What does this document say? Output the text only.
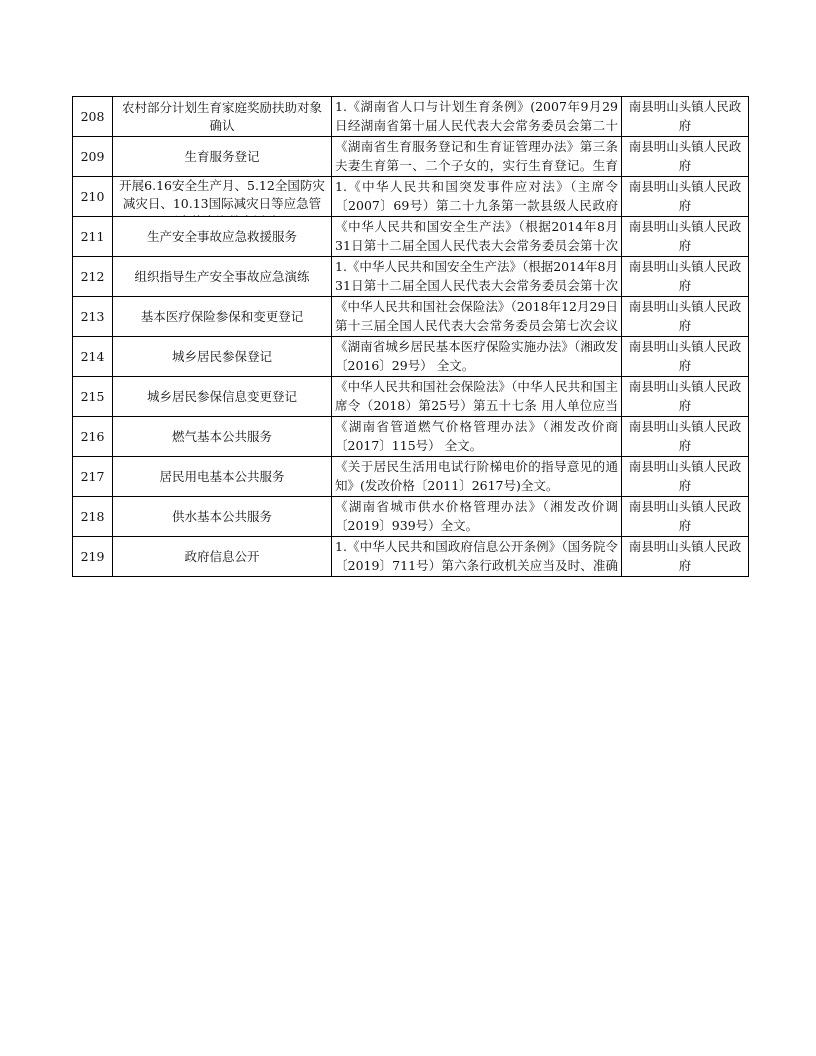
208	农村部分计划生育家庭奖励扶助对象确认	1.《湖南省人口与计划生育条例》(2007年9月29日经湖南省第十届人民代表大会常务委员会第二十	南县明山头镇人民政府

209	生育服务登记	《湖南省生育服务登记和生育证管理办法》第三条 夫妻生育第一、二个子女的，实行生育登记。生育	南县明山头镇人民政府

210	开展6.16安全生产月、5.12全国防灾减灾日、10.13国际减灾日等应急管	1.《中华人民共和国突发事件应对法》（主席令〔2007〕69号）第二十九条第一款县级人民政府	南县明山头镇人民政府

211	生产安全事故应急救援服务	《中华人民共和国安全生产法》（根据2014年8月31日第十二届全国人民代表大会常务委员会第十次	南县明山头镇人民政府

212	组织指导生产安全事故应急演练	1.《中华人民共和国安全生产法》（根据2014年8月31日第十二届全国人民代表大会常务委员会第十次	南县明山头镇人民政府

213	基本医疗保险参保和变更登记	《中华人民共和国社会保险法》（2018年12月29日第十三届全国人民代表大会常务委员会第七次会议	南县明山头镇人民政府

214	城乡居民参保登记	《湖南省城乡居民基本医疗保险实施办法》（湘政发〔2016〕29号） 全文。	南县明山头镇人民政府

215	城乡居民参保信息变更登记	《中华人民共和国社会保险法》（中华人民共和国主席令（2018）第25号）第五十七条 用人单位应当	南县明山头镇人民政府

216	燃气基本公共服务	《湖南省管道燃气价格管理办法》（湘发改价商〔2017〕115号） 全文。	南县明山头镇人民政府

217	居民用电基本公共服务	《关于居民生活用电试行阶梯电价的指导意见的通知》(发改价格〔2011〕2617号)全文。	南县明山头镇人民政府

218	供水基本公共服务	《湖南省城市供水价格管理办法》（湘发改价调〔2019〕939号）全文。	南县明山头镇人民政府

219	政府信息公开	1.《中华人民共和国政府信息公开条例》（国务院令〔2019〕711号）第六条行政机关应当及时、准确	南县明山头镇人民政府
